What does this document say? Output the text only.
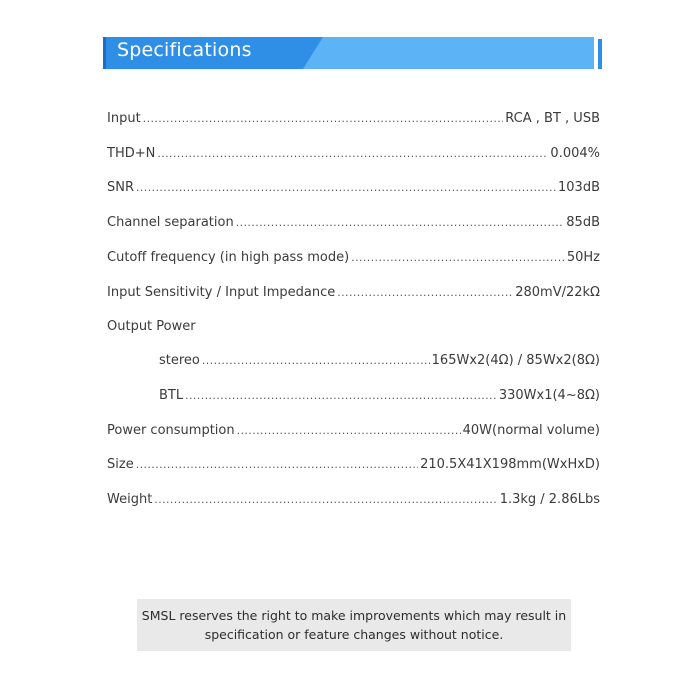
Specifications
Input .....	RCA , BT , USB
THD+N .....	0.004%
SNR .....	103dB
Channel separation .....	85dB
Cutoff frequency (in high pass mode) .....	50Hz
Input Sensitivity / Input Impedance .....	280mV/22kΩ
Output Power
stereo .....	165Wx2(4Ω) / 85Wx2(8Ω)
BTL .....	330Wx1(4~8Ω)
Power consumption .....	40W(normal volume)
Size .....	210.5X41X198mm(WxHxD)
Weight .....	1.3kg / 2.86Lbs
SMSL reserves the right to make improvements which may result in
specification or feature changes without notice.
